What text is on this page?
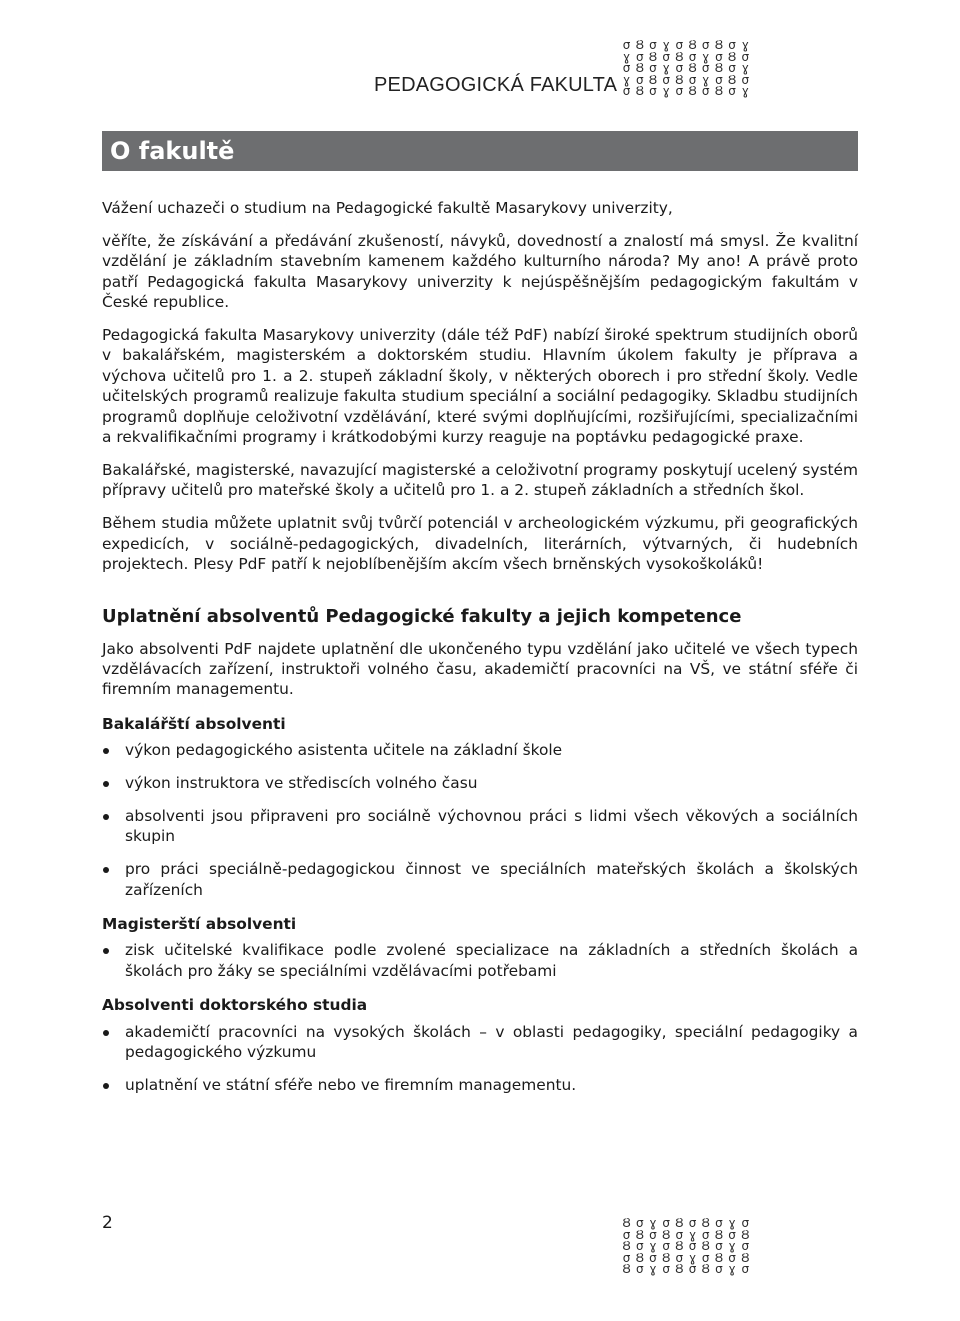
PEDAGOGICKÁ FAKULTA
σ Ȣ σ ɣ σ Ȣ σ Ȣ σ ɣ
ɣ σ Ȣ σ Ȣ σ ɣ σ Ȣ σ
σ Ȣ σ ɣ σ Ȣ σ Ȣ σ ɣ
ɣ σ Ȣ σ Ȣ σ ɣ σ Ȣ σ
σ Ȣ σ ɣ σ Ȣ σ Ȣ σ ɣ
O fakultě

Vážení uchazeči o studium na Pedagogické fakultě Masarykovy univerzity,

věříte, že získávání a předávání zkušeností, návyků, dovedností a znalostí má smysl. Že kvalitní vzdělání je základním stavebním kamenem každého kulturního národa? My ano! A právě proto patří Pedagogická fakulta Masarykovy univerzity k nejúspěšnějším pedagogickým fakultám v České republice.

Pedagogická fakulta Masarykovy univerzity (dále též PdF) nabízí široké spektrum studijních oborů v bakalářském, magisterském a doktorském studiu. Hlavním úkolem fakulty je příprava a výchova učitelů pro 1. a 2. stupeň základní školy, v některých oborech i pro střední školy. Vedle učitelských programů realizuje fakulta studium speciální a sociální pedagogiky. Skladbu studijních programů doplňuje celoživotní vzdělávání, které svými doplňujícími, rozšiřujícími, specializačními a rekvalifikačními programy i krátkodobými kurzy reaguje na poptávku pedagogické praxe.

Bakalářské, magisterské, navazující magisterské a celoživotní programy poskytují ucelený systém přípravy učitelů pro mateřské školy a učitelů pro 1. a 2. stupeň základních a středních škol.

Během studia můžete uplatnit svůj tvůrčí potenciál v archeologickém výzkumu, při geografických expedicích, v sociálně-pedagogických, divadelních, literárních, výtvarných, či hudebních projektech. Plesy PdF patří k nejoblíbenějším akcím všech brněnských vysokoškoláků!

Uplatnění absolventů Pedagogické fakulty a jejich kompetence

Jako absolventi PdF najdete uplatnění dle ukončeného typu vzdělání jako učitelé ve všech typech vzdělávacích zařízení, instruktoři volného času, akademičtí pracovníci na VŠ, ve státní sféře či firemním managementu.

Bakalářští absolventi
výkon pedagogického asistenta učitele na základní škole
výkon instruktora ve střediscích volného času
absolventi jsou připraveni pro sociálně výchovnou práci s lidmi všech věkových a sociálních skupin
pro práci speciálně-pedagogickou činnost ve speciálních mateřských školách a školských zařízeních
Magisterští absolventi
zisk učitelské kvalifikace podle zvolené specializace na základních a středních školách a školách pro žáky se speciálními vzdělávacími potřebami
Absolventi doktorského studia
akademičtí pracovníci na vysokých školách – v oblasti pedagogiky, speciální pedagogiky a pedagogického výzkumu
uplatnění ve státní sféře nebo ve firemním managementu.
2	Ȣ σ ɣ σ Ȣ σ Ȣ σ ɣ σ
σ Ȣ σ Ȣ σ ɣ σ Ȣ σ Ȣ
Ȣ σ ɣ σ Ȣ σ Ȣ σ ɣ σ
σ Ȣ σ Ȣ σ ɣ σ Ȣ σ Ȣ
Ȣ σ ɣ σ Ȣ σ Ȣ σ ɣ σ
